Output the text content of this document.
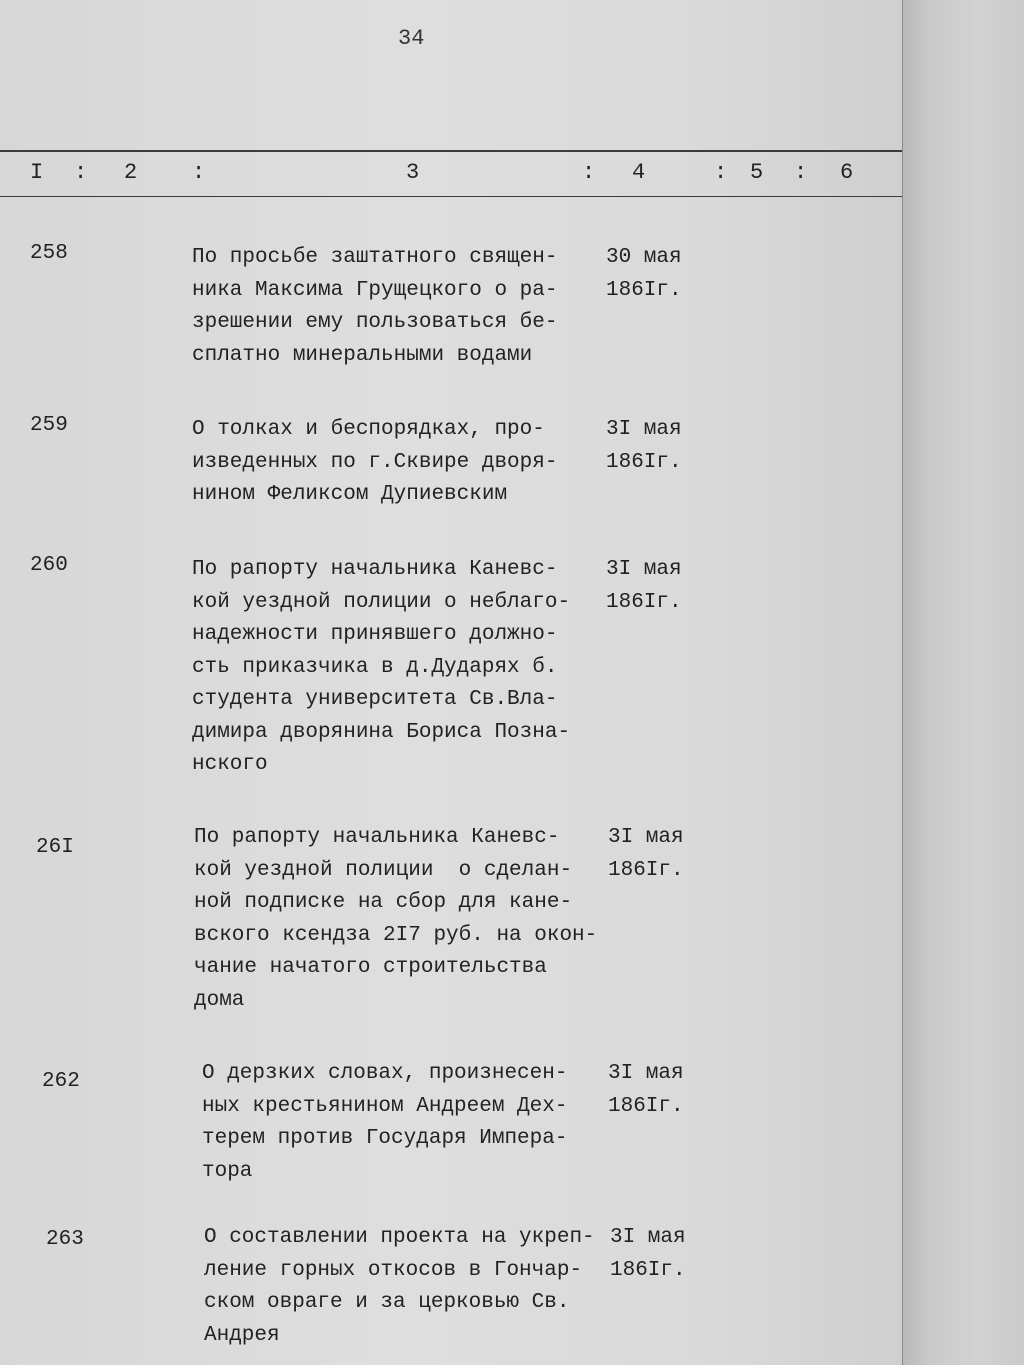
34
I : 2 :	3	: 4	: 5 : 6
258	По просьбе заштатного священ-
ника Максима Грущецкого о ра-
зрешении ему пользоваться бе-
сплатно минеральными водами
30 мая
186Iг.
259	О толках и беспорядках, про-
изведенных по г.Сквире дворя-
нином Феликсом Дупиевским
3I мая
186Iг.
260	По рапорту начальника Каневс-
кой уездной полиции о неблаго-
надежности принявшего должно-
сть приказчика в д.Дударях б.
студента университета Св.Вла-
димира дворянина Бориса Позна-
нского
3I мая
186Iг.
26I	По рапорту начальника Каневс-
кой уездной полиции  о сделан-
ной подписке на сбор для кане-
вского ксендза 2I7 руб. на окон-
чание начатого строительства
дома
3I мая
186Iг.
262	О дерзких словах, произнесен-
ных крестьянином Андреем Дех-
терем против Государя Импера-
тора
3I мая
186Iг.
263	О составлении проекта на укреп-
ление горных откосов в Гончар-
ском овраге и за церковью Св.
Андрея
3I мая
186Iг.
